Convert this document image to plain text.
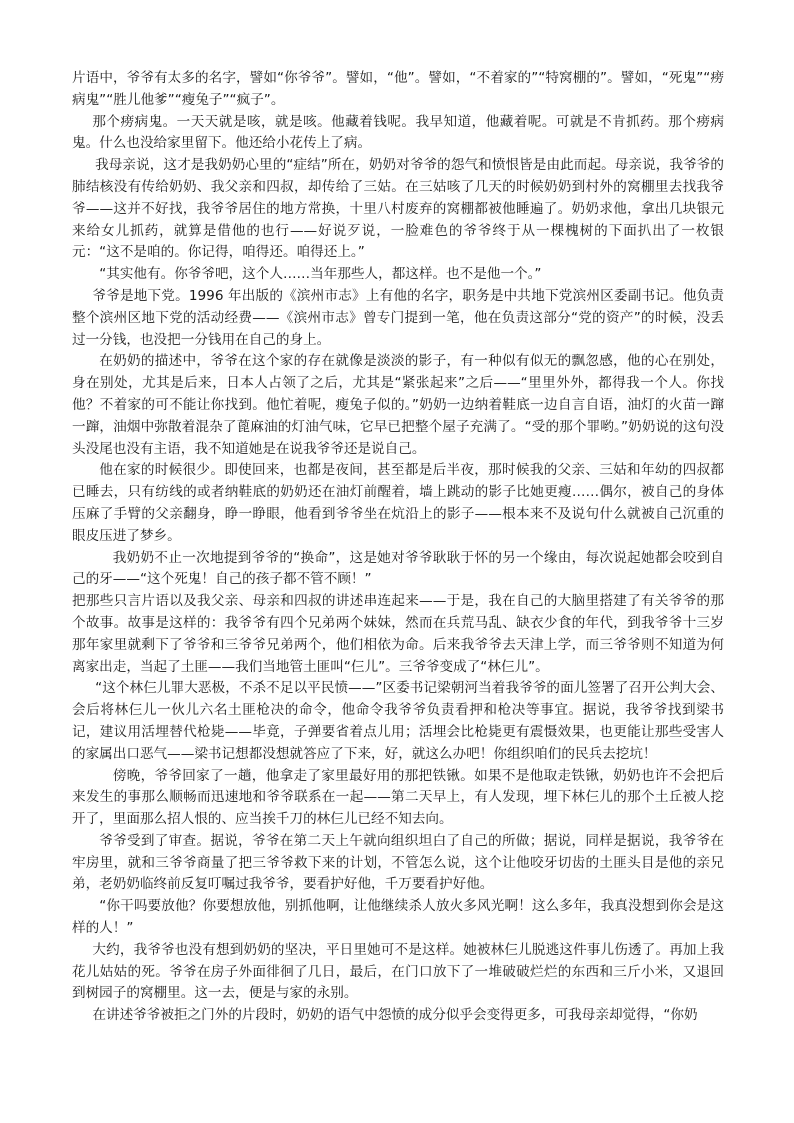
片语中，爷爷有太多的名字，譬如“你爷爷”。譬如，“他”。譬如，“不着家的”“特窝棚的”。譬如，“死鬼”“痨病鬼”“胜儿他爹”“瘦兔子”“疯子”。

那个痨病鬼。一天天就是咳，就是咳。他藏着钱呢。我早知道，他藏着呢。可就是不肯抓药。那个痨病鬼。什么也没给家里留下。他还给小花传上了病。

我母亲说，这才是我奶奶心里的“症结”所在，奶奶对爷爷的怨气和愤恨皆是由此而起。母亲说，我爷爷的肺结核没有传给奶奶、我父亲和四叔，却传给了三姑。在三姑咳了几天的时候奶奶到村外的窝棚里去找我爷爷——这并不好找，我爷爷居住的地方常换，十里八村废弃的窝棚都被他睡遍了。奶奶求他，拿出几块银元来给女儿抓药，就算是借他的也行——好说歹说，一脸难色的爷爷终于从一棵槐树的下面扒出了一枚银元：“这不是咱的。你记得，咱得还。咱得还上。”

“其实他有。你爷爷吧，这个人……当年那些人，都这样。也不是他一个。”

爷爷是地下党。1996 年出版的《滨州市志》上有他的名字，职务是中共地下党滨州区委副书记。他负责整个滨州区地下党的活动经费——《滨州市志》曾专门提到一笔，他在负责这部分“党的资产”的时候，没丢过一分钱，也没把一分钱用在自己的身上。

在奶奶的描述中，爷爷在这个家的存在就像是淡淡的影子，有一种似有似无的飘忽感，他的心在别处，身在别处，尤其是后来，日本人占领了之后，尤其是“紧张起来”之后——“里里外外，都得我一个人。你找他？不着家的可不能让你找到。他忙着呢，瘦兔子似的。”奶奶一边纳着鞋底一边自言自语，油灯的火苗一蹿一蹿，油烟中弥散着混杂了蓖麻油的灯油气味，它早已把整个屋子充满了。“受的那个罪哟。”奶奶说的这句没头没尾也没有主语，我不知道她是在说我爷爷还是说自己。

他在家的时候很少。即使回来，也都是夜间，甚至都是后半夜，那时候我的父亲、三姑和年幼的四叔都已睡去，只有纺线的或者纳鞋底的奶奶还在油灯前醒着，墙上跳动的影子比她更瘦……偶尔，被自己的身体压麻了手臂的父亲翻身，睁一睁眼，他看到爷爷坐在炕沿上的影子——根本来不及说句什么就被自己沉重的眼皮压进了梦乡。

我奶奶不止一次地提到爷爷的“换命”，这是她对爷爷耿耿于怀的另一个缘由，每次说起她都会咬到自己的牙——“这个死鬼！自己的孩子都不管不顾！”

把那些只言片语以及我父亲、母亲和四叔的讲述串连起来——于是，我在自己的大脑里搭建了有关爷爷的那个故事。故事是这样的：我爷爷有四个兄弟两个妹妹，然而在兵荒马乱、缺衣少食的年代，到我爷爷十三岁那年家里就剩下了爷爷和三爷爷兄弟两个，他们相依为命。后来我爷爷去天津上学，而三爷爷则不知道为何离家出走，当起了土匪——我们当地管土匪叫“仨儿”。三爷爷变成了“林仨儿”。

“这个林仨儿罪大恶极，不杀不足以平民愤——”区委书记梁朝河当着我爷爷的面儿签署了召开公判大会、会后将林仨儿一伙儿六名土匪枪决的命令，他命令我爷爷负责看押和枪决等事宜。据说，我爷爷找到梁书记，建议用活埋替代枪毙——毕竟，子弹要省着点儿用；活埋会比枪毙更有震慑效果，也更能让那些受害人的家属出口恶气——梁书记想都没想就答应了下来，好，就这么办吧！你组织咱们的民兵去挖坑！

傍晚，爷爷回家了一趟，他拿走了家里最好用的那把铁锹。如果不是他取走铁锹，奶奶也许不会把后来发生的事那么顺畅而迅速地和爷爷联系在一起——第二天早上，有人发现，埋下林仨儿的那个土丘被人挖开了，里面那么招人恨的、应当挨千刀的林仨儿已经不知去向。

爷爷受到了审查。据说，爷爷在第二天上午就向组织坦白了自己的所做；据说，同样是据说，我爷爷在牢房里，就和三爷爷商量了把三爷爷救下来的计划，不管怎么说，这个让他咬牙切齿的土匪头目是他的亲兄弟，老奶奶临终前反复叮嘱过我爷爷，要看护好他，千万要看护好他。

“你干吗要放他？你要想放他，别抓他啊，让他继续杀人放火多风光啊！这么多年，我真没想到你会是这样的人！”

大约，我爷爷也没有想到奶奶的坚决，平日里她可不是这样。她被林仨儿脱逃这件事儿伤透了。再加上我花儿姑姑的死。爷爷在房子外面徘徊了几日，最后，在门口放下了一堆破破烂烂的东西和三斤小米，又退回到树园子的窝棚里。这一去，便是与家的永别。

在讲述爷爷被拒之门外的片段时，奶奶的语气中怨愤的成分似乎会变得更多，可我母亲却觉得，“你奶
